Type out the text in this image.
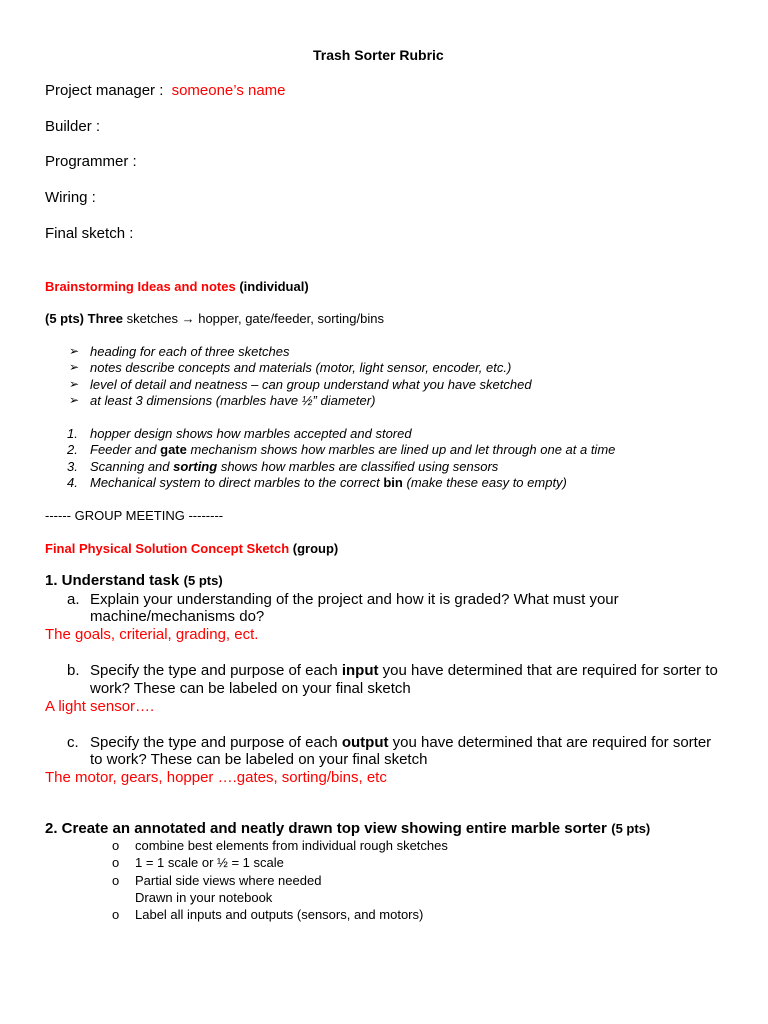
Trash Sorter Rubric
Project manager : someone’s name
Builder :
Programmer :
Wiring :
Final sketch :
Brainstorming Ideas and notes (individual)
(5 pts) Three sketches → hopper, gate/feeder, sorting/bins
➢ heading for each of three sketches
➢ notes describe concepts and materials (motor, light sensor, encoder, etc.)
➢ level of detail and neatness – can group understand what you have sketched
➢ at least 3 dimensions (marbles have ½” diameter)
1. hopper design shows how marbles accepted and stored
2. Feeder and gate mechanism shows how marbles are lined up and let through one at a time
3. Scanning and sorting shows how marbles are classified using sensors
4. Mechanical system to direct marbles to the correct bin (make these easy to empty)
------ GROUP MEETING --------
Final Physical Solution Concept Sketch (group)
1. Understand task (5 pts)
a. Explain your understanding of the project and how it is graded? What must your
machine/mechanisms do?
The goals, criterial, grading, ect.
b. Specify the type and purpose of each input you have determined that are required for sorter to
work? These can be labeled on your final sketch
A light sensor….
c. Specify the type and purpose of each output you have determined that are required for sorter
to work? These can be labeled on your final sketch
The motor, gears, hopper ….gates, sorting/bins, etc
2. Create an annotated and neatly drawn top view showing entire marble sorter (5 pts)
o combine best elements from individual rough sketches
o 1 = 1 scale or ½ = 1 scale
o Partial side views where needed
Drawn in your notebook
o Label all inputs and outputs (sensors, and motors)
